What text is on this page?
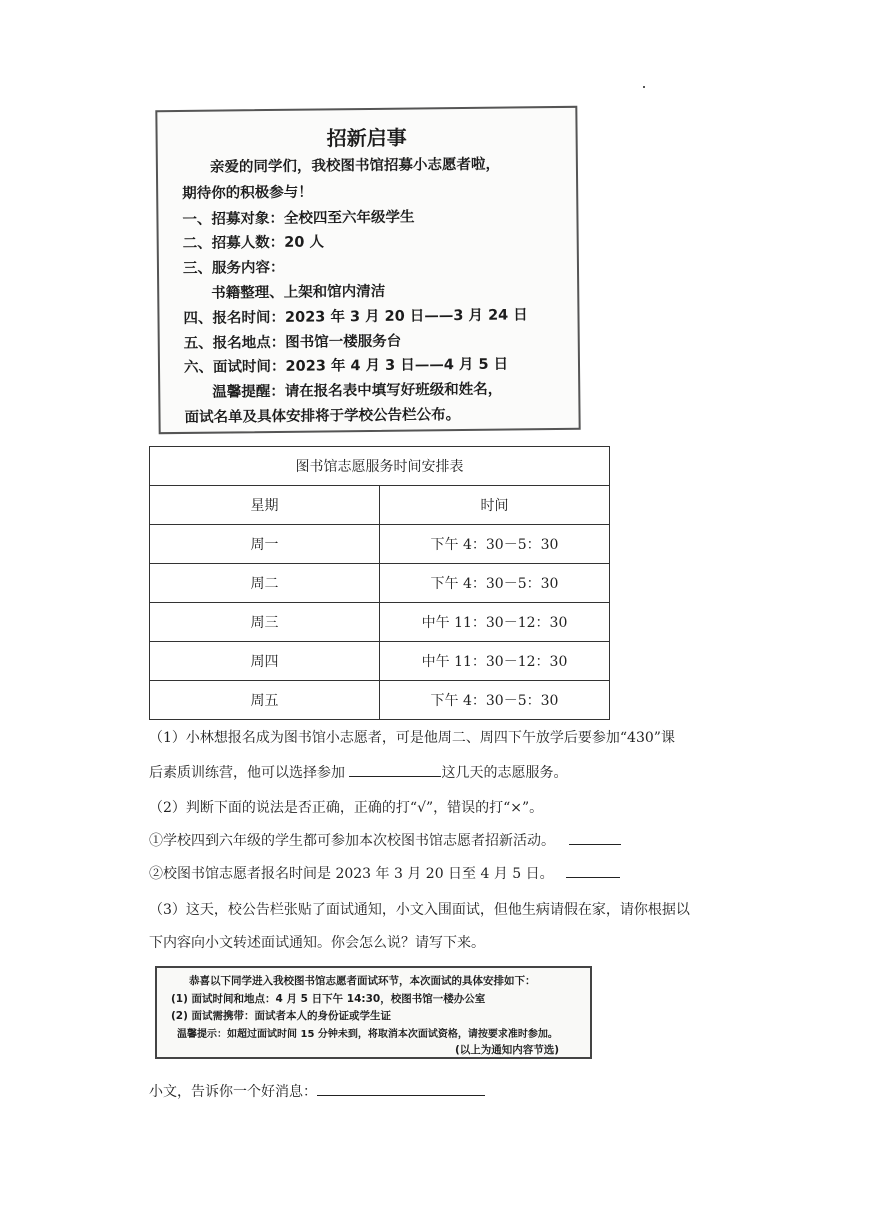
招新启事
亲爱的同学们，我校图书馆招募小志愿者啦，
期待你的积极参与！
一、招募对象：全校四至六年级学生
二、招募人数：20 人
三、服务内容：
书籍整理、上架和馆内清洁
四、报名时间：2023 年 3 月 20 日——3 月 24 日
五、报名地点：图书馆一楼服务台
六、面试时间：2023 年 4 月 3 日——4 月 5 日
温馨提醒：请在报名表中填写好班级和姓名，
面试名单及具体安排将于学校公告栏公布。
图书馆志愿服务时间安排表	
星期	时间
周一	下午 4：30－5：30
周二	下午 4：30－5：30
周三	中午 11：30－12：30
周四	中午 11：30－12：30
周五	下午 4：30－5：30
（1）小林想报名成为图书馆小志愿者，可是他周二、周四下午放学后要参加“430”课
后素质训练营，他可以选择参加	这几天的志愿服务。
（2）判断下面的说法是否正确，正确的打“√”，错误的打“×”。
①学校四到六年级的学生都可参加本次校图书馆志愿者招新活动。
②校图书馆志愿者报名时间是 2023 年 3 月 20 日至 4 月 5 日。
（3）这天，校公告栏张贴了面试通知，小文入围面试，但他生病请假在家，请你根据以
下内容向小文转述面试通知。你会怎么说？请写下来。
恭喜以下同学进入我校图书馆志愿者面试环节，本次面试的具体安排如下：
(1) 面试时间和地点：4 月 5 日下午 14:30，校图书馆一楼办公室
(2) 面试需携带：面试者本人的身份证或学生证
温馨提示：如超过面试时间 15 分钟未到，将取消本次面试资格，请按要求准时参加。
(以上为通知内容节选)
小文，告诉你一个好消息：
